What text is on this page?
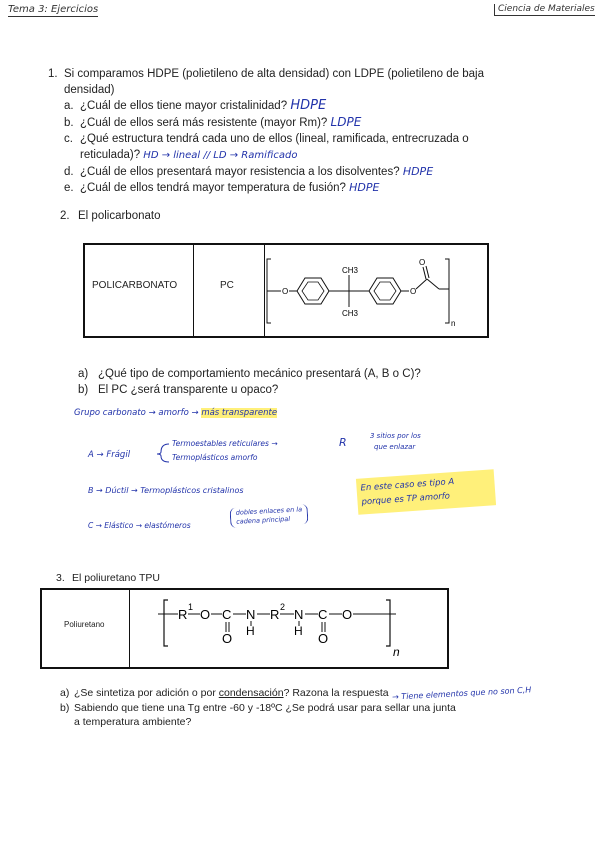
Tema 3: Ejercicios	Ciencia de Materiales
1. Si comparamos HDPE (polietileno de alta densidad) con LDPE (polietileno de baja
densidad)
a. ¿Cuál de ellos tiene mayor cristalinidad? HDPE
b. ¿Cuál de ellos será más resistente (mayor Rm)? LDPE
c. ¿Qué estructura tendrá cada uno de ellos (lineal, ramificada, entrecruzada o
reticulada)? HD → lineal // LD → Ramificado
d. ¿Cuál de ellos presentará mayor resistencia a los disolventes? HDPE
e. ¿Cuál de ellos tendrá mayor temperatura de fusión? HDPE
2. El policarbonato
POLICARBONATO	PC
O
CH3
CH3
O
O
n
a) ¿Qué tipo de comportamiento mecánico presentará (A, B o C)?
b) El PC ¿será transparente u opaco?
Grupo carbonato → amorfo → más transparente
A → Frágil
Termoestables reticulares →
Termoplásticos amorfo
R	3 sitios por los
que enlazar
En este caso es tipo A
porque es TP amorfo
B → Dúctil → Termoplásticos cristalinos
C → Elástico → elastómeros
dobles enlaces en la
cadena principal
3. El poliuretano TPU
Poliuretano
R 1 O C
O
N
H
R 2 N
H
C
O
O
n
a) ¿Se sintetiza por adición o por condensación? Razona la respuesta → Tiene elementos que no son C,H
b) Sabiendo que tiene una Tg entre -60 y -18ºC ¿Se podrá usar para sellar una junta
a temperatura ambiente?
